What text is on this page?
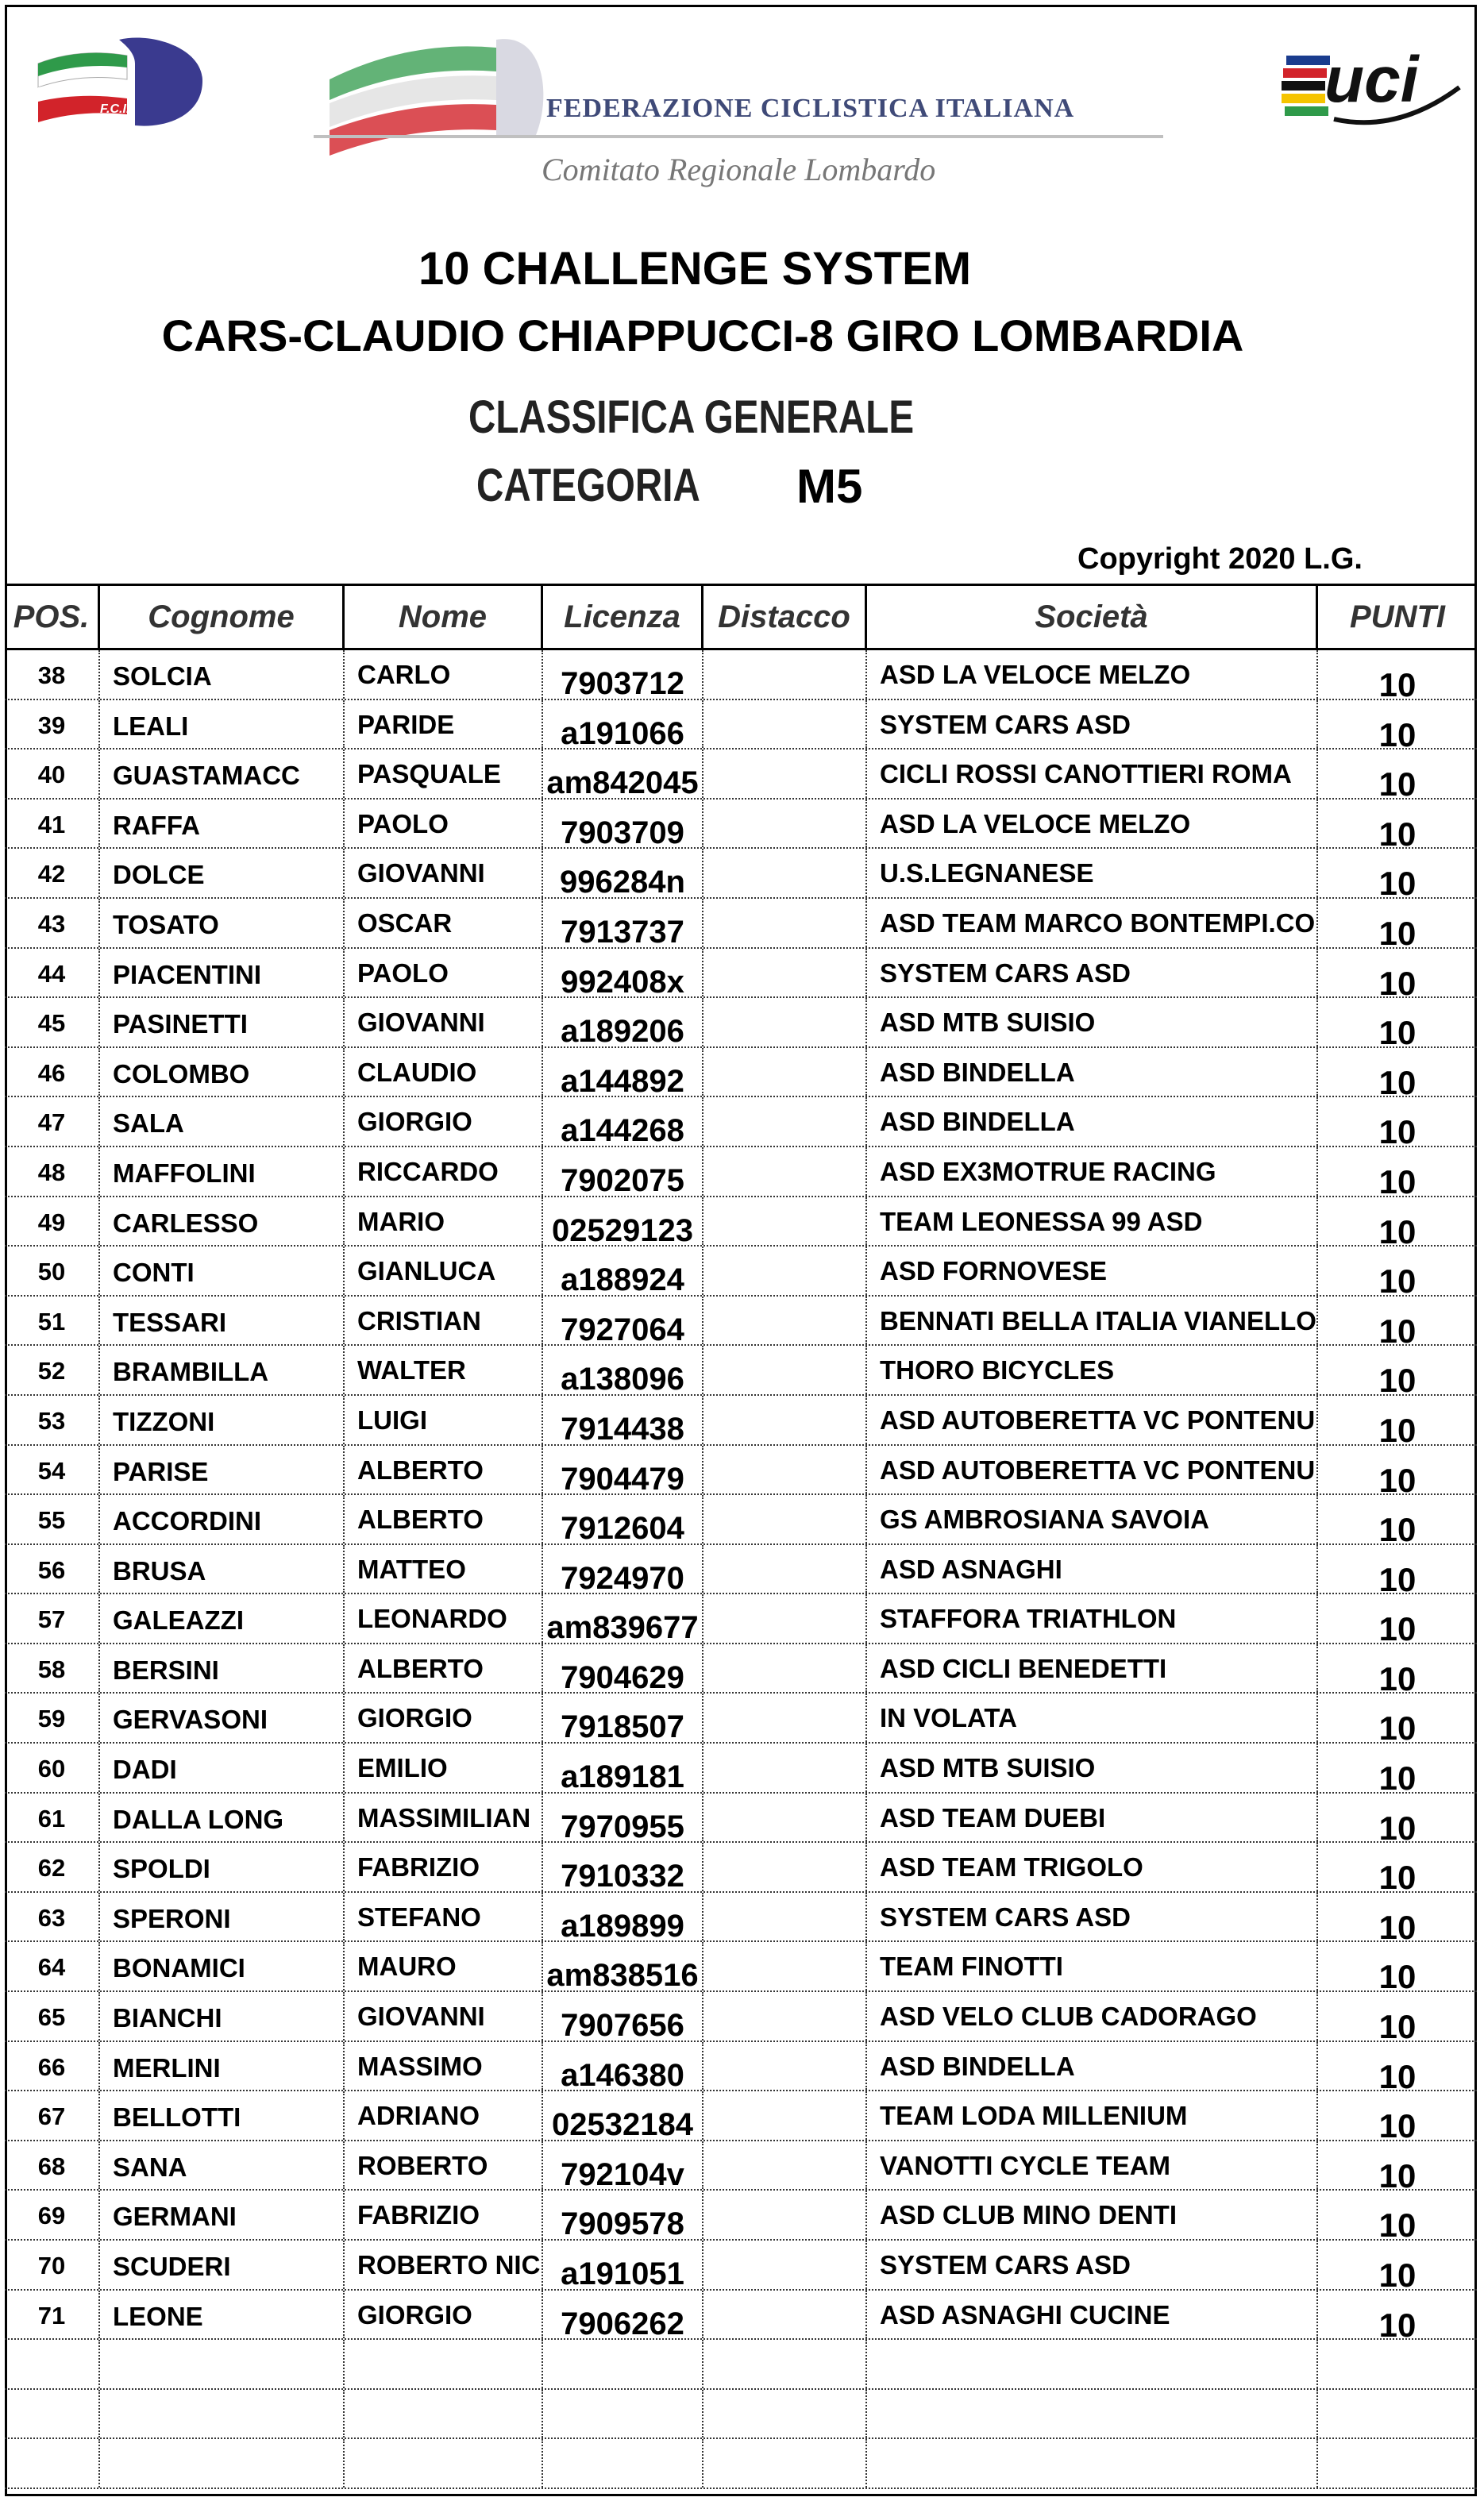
F.C.I.	FEDERAZIONE CICLISTICA ITALIANA
Comitato Regionale Lombardo
uci
10 CHALLENGE SYSTEM
CARS-CLAUDIO CHIAPPUCCI-8 GIRO LOMBARDIA
CLASSIFICA GENERALE
CATEGORIA M5
Copyright 2020 L.G.
POS.	Cognome	Nome	Licenza	Distacco	Società	PUNTI
38	SOLCIA	CARLO	7903712	ASD LA VELOCE MELZO	10
39	LEALI	PARIDE	a191066	SYSTEM CARS ASD	10
40	GUASTAMACC	PASQUALE	am842045	CICLI ROSSI CANOTTIERI ROMA	10
41	RAFFA	PAOLO	7903709	ASD LA VELOCE MELZO	10
42	DOLCE	GIOVANNI	996284n	U.S.LEGNANESE	10
43	TOSATO	OSCAR	7913737	ASD TEAM MARCO BONTEMPI.CO	10
44	PIACENTINI	PAOLO	992408x	SYSTEM CARS ASD	10
45	PASINETTI	GIOVANNI	a189206	ASD MTB SUISIO	10
46	COLOMBO	CLAUDIO	a144892	ASD BINDELLA	10
47	SALA	GIORGIO	a144268	ASD BINDELLA	10
48	MAFFOLINI	RICCARDO	7902075	ASD EX3MOTRUE RACING	10
49	CARLESSO	MARIO	02529123	TEAM LEONESSA 99 ASD	10
50	CONTI	GIANLUCA	a188924	ASD FORNOVESE	10
51	TESSARI	CRISTIAN	7927064	BENNATI BELLA ITALIA VIANELLO	10
52	BRAMBILLA	WALTER	a138096	THORO BICYCLES	10
53	TIZZONI	LUIGI	7914438	ASD AUTOBERETTA VC PONTENU	10
54	PARISE	ALBERTO	7904479	ASD AUTOBERETTA VC PONTENU	10
55	ACCORDINI	ALBERTO	7912604	GS AMBROSIANA SAVOIA	10
56	BRUSA	MATTEO	7924970	ASD ASNAGHI	10
57	GALEAZZI	LEONARDO	am839677	STAFFORA TRIATHLON	10
58	BERSINI	ALBERTO	7904629	ASD CICLI BENEDETTI	10
59	GERVASONI	GIORGIO	7918507	IN VOLATA	10
60	DADI	EMILIO	a189181	ASD MTB SUISIO	10
61	DALLA LONG	MASSIMILIAN 7970955	ASD TEAM DUEBI	10
62	SPOLDI	FABRIZIO	7910332	ASD TEAM TRIGOLO	10
63	SPERONI	STEFANO	a189899	SYSTEM CARS ASD	10
64	BONAMICI	MAURO	am838516	TEAM FINOTTI	10
65	BIANCHI	GIOVANNI	7907656	ASD VELO CLUB CADORAGO	10
66	MERLINI	MASSIMO	a146380	ASD BINDELLA	10
67	BELLOTTI	ADRIANO	02532184	TEAM LODA MILLENIUM	10
68	SANA	ROBERTO	792104v	VANOTTI CYCLE TEAM	10
69	GERMANI	FABRIZIO	7909578	ASD CLUB MINO DENTI	10
70	SCUDERI	ROBERTO NIC a191051	SYSTEM CARS ASD	10
71	LEONE	GIORGIO	7906262	ASD ASNAGHI CUCINE	10
